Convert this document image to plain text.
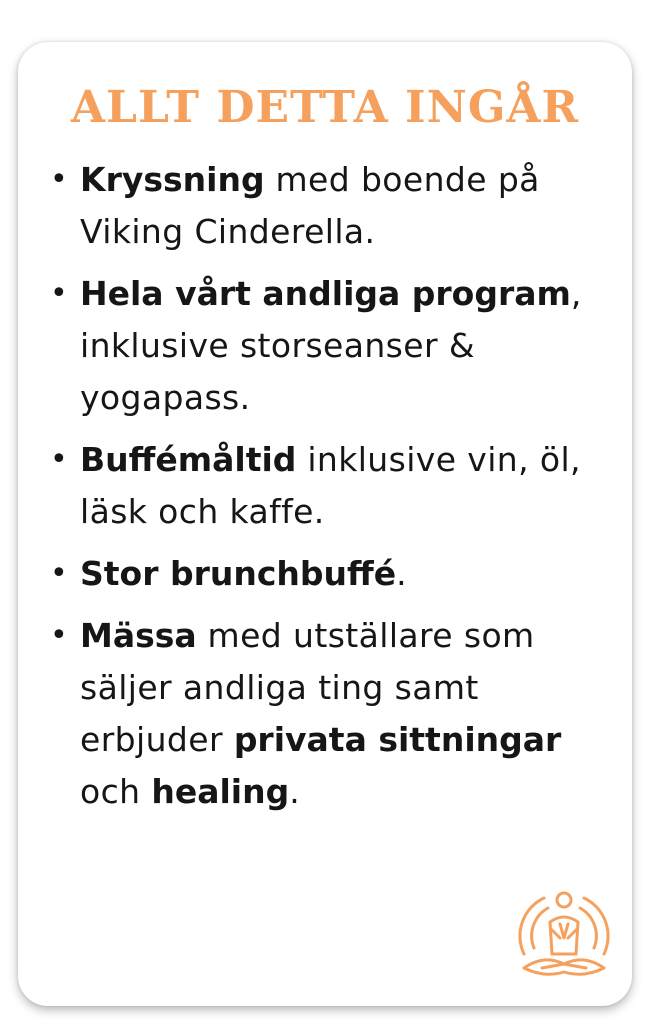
ALLT DETTA INGÅR
• Kryssning med boende på Viking Cinderella.
• Hela vårt andliga program, inklusive storseanser & yogapass.
• Buffémåltid inklusive vin, öl, läsk och kaffe.
• Stor brunchbuffé.
• Mässa med utställare som säljer andliga ting samt erbjuder privata sittningar och healing.
